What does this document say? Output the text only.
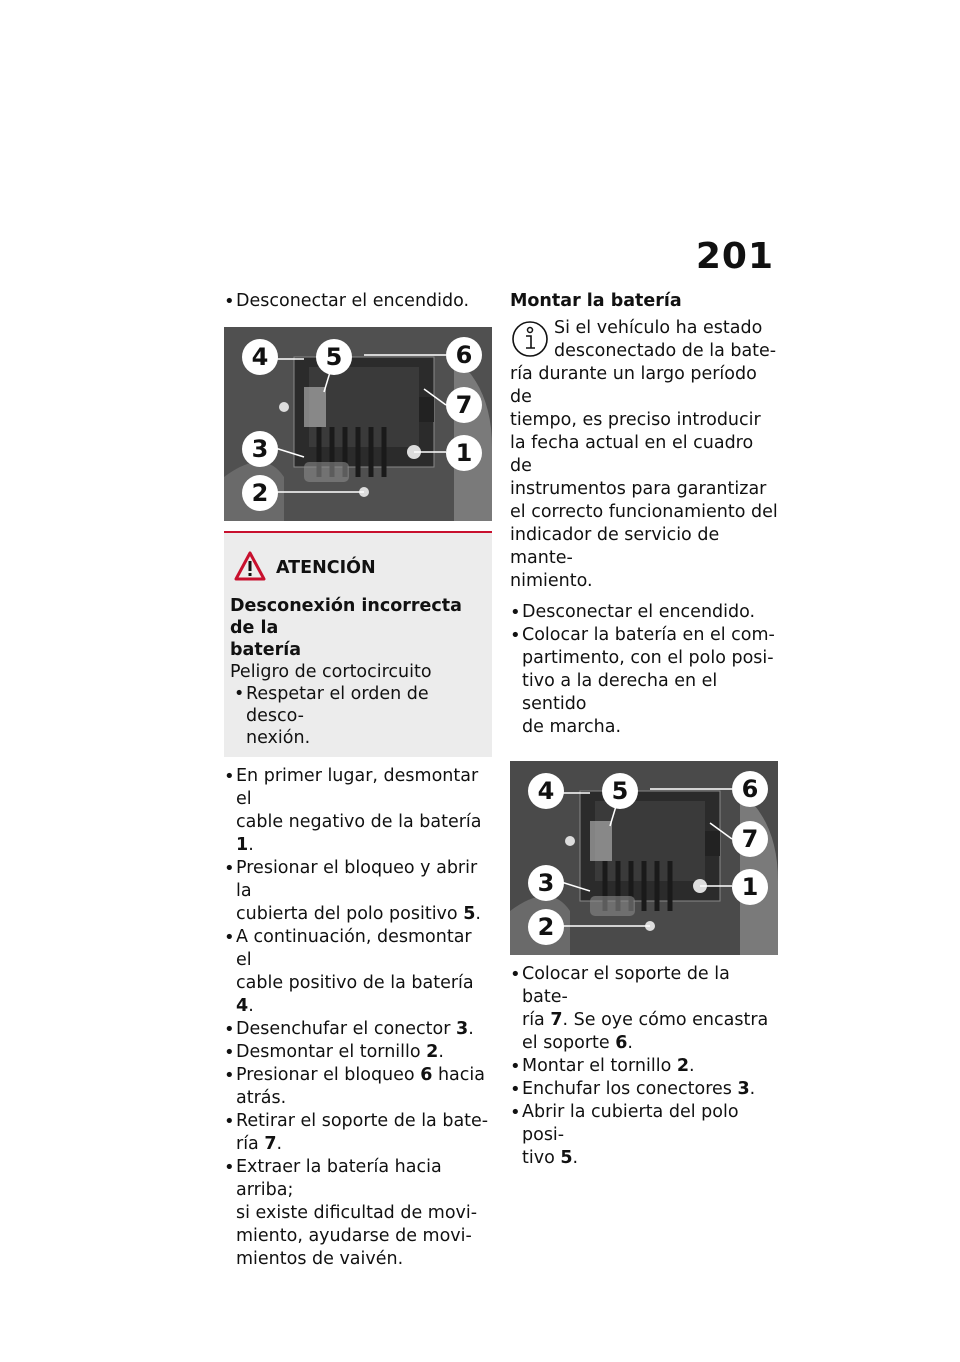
201
• Desconectar el encendido.
4	5	6
7
3	1
2
ATENCIÓN
Desconexión incorrecta de la
batería
Peligro de cortocircuito
• Respetar el orden de desco-
nexión.
• En primer lugar, desmontar el
cable negativo de la batería 1.
• Presionar el bloqueo y abrir la
cubierta del polo positivo 5.
• A continuación, desmontar el
cable positivo de la batería 4.
• Desenchufar el conector 3.
• Desmontar el tornillo 2.
• Presionar el bloqueo 6 hacia
atrás.
• Retirar el soporte de la bate-
ría 7.
• Extraer la batería hacia arriba;
si existe dificultad de movi-
miento, ayudarse de movi-
mientos de vaivén.
Montar la batería
Si el vehículo ha estado
desconectado de la bate-
ría durante un largo período de
tiempo, es preciso introducir
la fecha actual en el cuadro de
instrumentos para garantizar
el correcto funcionamiento del
indicador de servicio de mante-
nimiento.
• Desconectar el encendido.
• Colocar la batería en el com-
partimento, con el polo posi-
tivo a la derecha en el sentido
de marcha.
4	5	6
7
3	1
2
• Colocar el soporte de la bate-
ría 7. Se oye cómo encastra
el soporte 6.
• Montar el tornillo 2.
• Enchufar los conectores 3.
• Abrir la cubierta del polo posi-
tivo 5.
